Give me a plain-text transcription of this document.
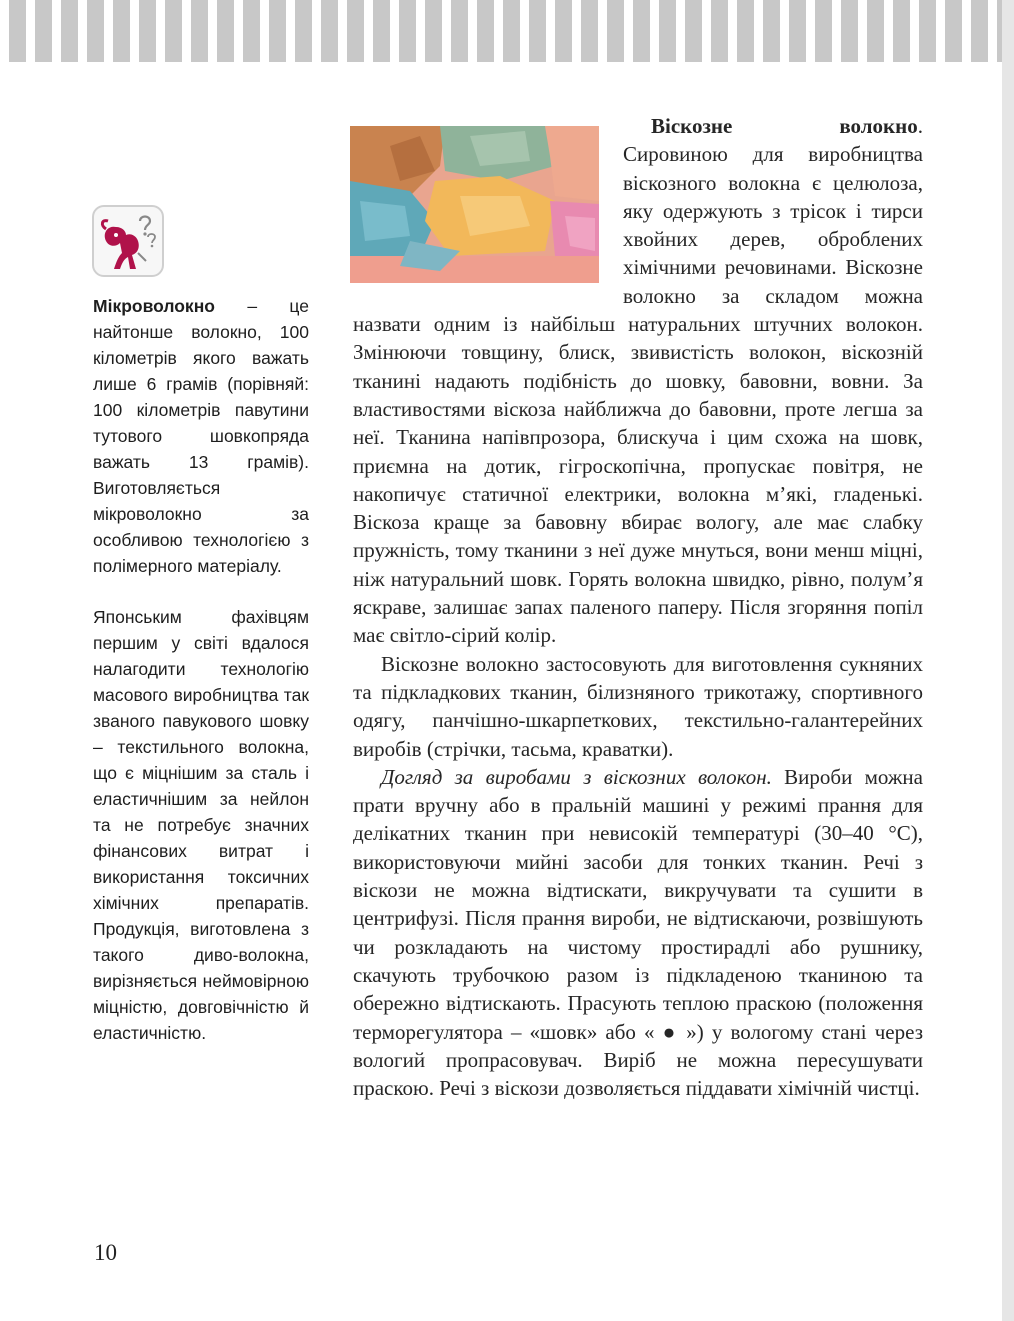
Мікроволокно – це найтонше волокно, 100 кілометрів якого важать лише 6 грамів (порівняй: 100 кілометрів павутини тутового шовкопряда важать 13 грамів). Виготовляється мікроволокно за особливою технологією з полімерного матеріалу.

Японським фахівцям першим у світі вдалося налагодити технологію масового виробництва так званого павукового шовку – текстильного волокна, що є міцнішим за сталь і еластичнішим за нейлон та не потребує значних фінансових витрат і використання токсичних хімічних препаратів. Продукція, виготовлена з такого диво-волокна, вирізняється неймовірною міцністю, довговічністю й еластичністю.

Віскозне волокно. Сировиною для виробництва віскозного волокна є целюлоза, яку одержують з трісок і тирси хвойних дерев, оброблених хімічними речовинами. Віскозне волокно за складом можна назвати одним із найбільш натуральних штучних волокон. Змінюючи товщину, блиск, звивистість волокон, віскозній тканині надають подібність до шовку, бавовни, вовни. За властивостями віскоза найближча до бавовни, проте легша за неї. Тканина напівпрозора, блискуча і цим схожа на шовк, приємна на дотик, гігроскопічна, пропускає повітря, не накопичує статичної електрики, волокна м’які, гладенькі. Віскоза краще за бавовну вбирає вологу, але має слабку пружність, тому тканини з неї дуже мнуться, вони менш міцні, ніж натуральний шовк. Горять волокна швидко, рівно, полум’я яскраве, залишає запах паленого паперу. Після згоряння попіл має світло-сірий колір.

Віскозне волокно застосовують для виготовлення сукняних та підкладкових тканин, білизняного трикотажу, спортивного одягу, панчішно-шкарпеткових, текстильно-галантерейних виробів (стрічки, тасьма, краватки).

Догляд за виробами з віскозних волокон. Вироби можна прати вручну або в пральній машині у режимі прання для делікатних тканин при невисокій температурі (30–40 °С), використовуючи мийні засоби для тонких тканин. Речі з віскози не можна відтискати, викручувати та сушити в центрифузі. Після прання вироби, не відтискаючи, розвішують чи розкладають на чистому простирадлі або рушнику, скачують трубочкою разом із підкладеною тканиною та обережно відтискають. Прасують теплою праскою (положення терморегулятора – «шовк» або « ● ») у вологому стані через вологий пропрасовувач. Виріб не можна пересушувати праскою. Речі з віскози дозволяється піддавати хімічній чистці.

10
